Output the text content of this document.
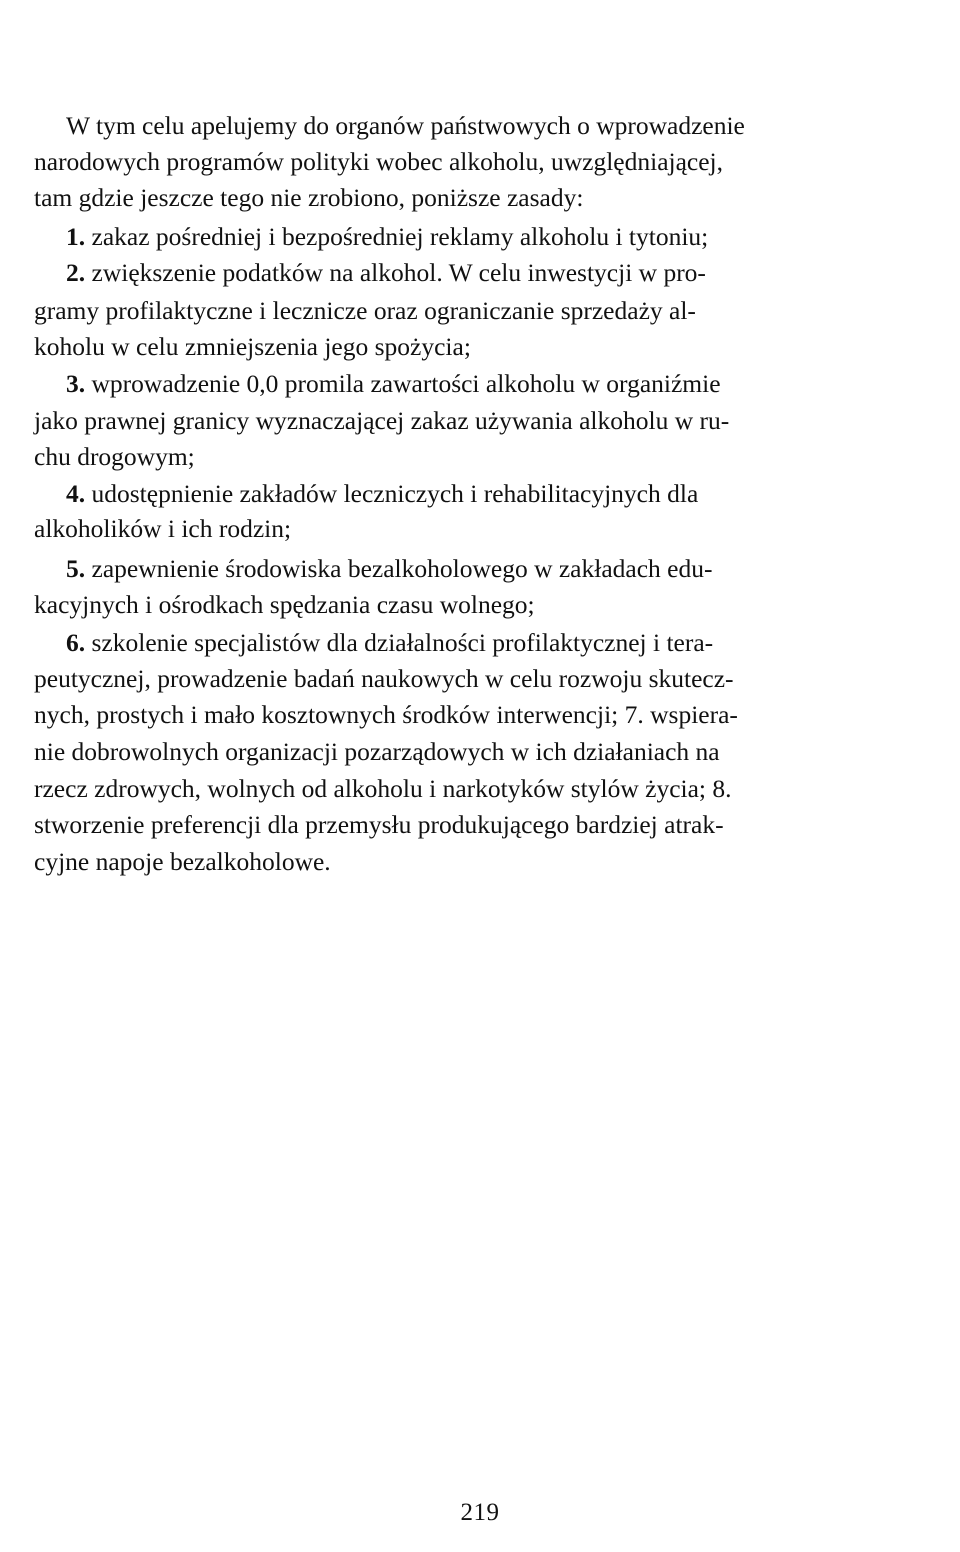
W tym celu apelujemy do organów państwowych o wprowadzenie
narodowych programów polityki wobec alkoholu, uwzględniającej,
tam gdzie jeszcze tego nie zrobiono, poniższe zasady:
1. zakaz pośredniej i bezpośredniej reklamy alkoholu i tytoniu;
2. zwiększenie podatków na alkohol. W celu inwestycji w pro-
gramy profilaktyczne i lecznicze oraz ograniczanie sprzedaży al-
koholu w celu zmniejszenia jego spożycia;
3. wprowadzenie 0,0 promila zawartości alkoholu w organiźmie
jako prawnej granicy wyznaczającej zakaz używania alkoholu w ru-
chu drogowym;
4. udostępnienie zakładów leczniczych i rehabilitacyjnych dla
alkoholików i ich rodzin;
5. zapewnienie środowiska bezalkoholowego w zakładach edu-
kacyjnych i ośrodkach spędzania czasu wolnego;
6. szkolenie specjalistów dla działalności profilaktycznej i tera-
peutycznej, prowadzenie badań naukowych w celu rozwoju skutecz-
nych, prostych i mało kosztownych środków interwencji; 7. wspiera-
nie dobrowolnych organizacji pozarządowych w ich działaniach na
rzecz zdrowych, wolnych od alkoholu i narkotyków stylów życia; 8.
stworzenie preferencji dla przemysłu produkującego bardziej atrak-
cyjne napoje bezalkoholowe.
219
